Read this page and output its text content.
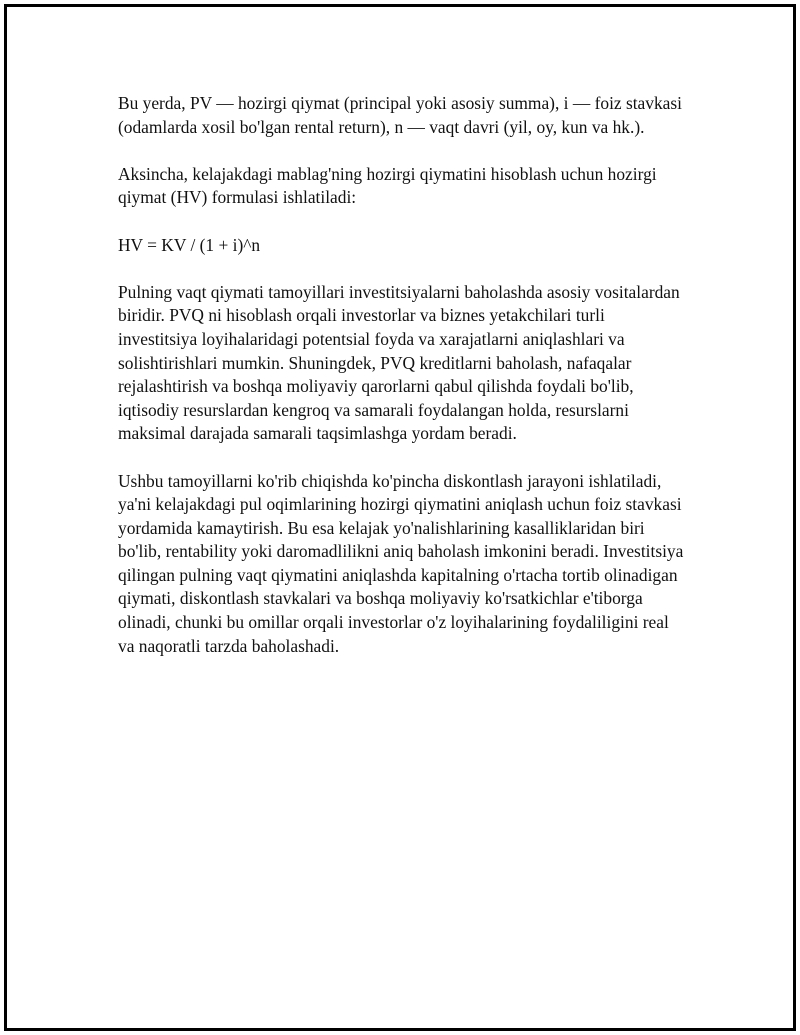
Bu yerda, PV — hozirgi qiymat (principal yoki asosiy summa), i — foiz stavkasi (odamlarda xosil bo'lgan rental return), n — vaqt davri (yil, oy, kun va hk.).

Aksincha, kelajakdagi mablag'ning hozirgi qiymatini hisoblash uchun hozirgi qiymat (HV) formulasi ishlatiladi:

HV = KV / (1 + i)^n

Pulning vaqt qiymati tamoyillari investitsiyalarni baholashda asosiy vositalardan biridir. PVQ ni hisoblash orqali investorlar va biznes yetakchilari turli investitsiya loyihalaridagi potentsial foyda va xarajatlarni aniqlashlari va solishtirishlari mumkin. Shuningdek, PVQ kreditlarni baholash, nafaqalar rejalashtirish va boshqa moliyaviy qarorlarni qabul qilishda foydali bo'lib, iqtisodiy resurslardan kengroq va samarali foydalangan holda, resurslarni maksimal darajada samarali taqsimlashga yordam beradi.

Ushbu tamoyillarni ko'rib chiqishda ko'pincha diskontlash jarayoni ishlatiladi, ya'ni kelajakdagi pul oqimlarining hozirgi qiymatini aniqlash uchun foiz stavkasi yordamida kamaytirish. Bu esa kelajak yo'nalishlarining kasalliklaridan biri bo'lib, rentability yoki daromadlilikni aniq baholash imkonini beradi. Investitsiya qilingan pulning vaqt qiymatini aniqlashda kapitalning o'rtacha tortib olinadigan qiymati, diskontlash stavkalari va boshqa moliyaviy ko'rsatkichlar e'tiborga olinadi, chunki bu omillar orqali investorlar o'z loyihalarining foydaliligini real va naqoratli tarzda baholashadi.
